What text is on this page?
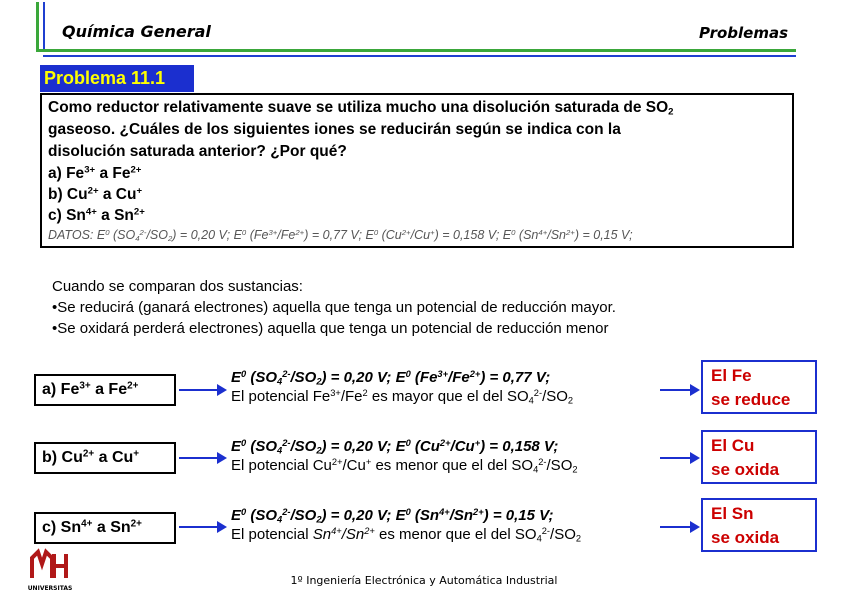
Química General	Problemas
Problema 11.1
Como reductor relativamente suave se utiliza mucho una disolución saturada de $SO_2$
gaseoso. ¿Cuáles de los siguientes iones se reducirán según se indica con la
disolución saturada anterior? ¿Por qué?
a) $Fe^{3+}$ a $Fe^{2+}$
b) $Cu^{2+}$ a Cu+
c) $Sn^{4+}$ a $Sn^{2+}$
DATOS: $E^0$ $(SO_4^{2-}/SO_2) = 0,20$ V; $E^0$ $(Fe^{3+}/Fe^{2+}) = 0,77$ V; $E^0$ $(Cu^{2+}/Cu^+) = 0,158$ V; $E^0$ $(Sn^{4+}/Sn^{2+}) = 0,15$ V;
Cuando se comparan dos sustancias:
•Se reducirá (ganará electrones) aquella que tenga un potencial de reducción mayor.
•Se oxidará perderá electrones) aquella que tenga un potencial de reducción menor
a) $Fe^{3+}$ a $Fe^{2+}$
$E^0$ $(SO_4^{2-}/SO_2) = 0,20$ V; $E^0$ $(Fe^{3+}/Fe^{2+}) = 0,77$ V;
El potencial $Fe^{3+}/Fe^2$ es mayor que el del $SO_4^{2-}/SO_2$
El Fe
se reduce
b) $Cu^{2+}$ a Cu+	$E^0$ $(SO_4^{2-}/SO_2) = 0,20$ V; $E^0$ $(Cu^{2+}/Cu^+) = 0,158$ V;
El potencial $Cu^{2+}/Cu^+$ es menor que el del $SO_4^{2-}/SO_2$
El Cu
se oxida
c) $Sn^{4+}$ a $Sn^{2+}$
$E^0$ $(SO_4^{2-}/SO_2) = 0,20$ V; $E^0$ $(Sn^{4+}/Sn^{2+}) = 0,15$ V;
El potencial $Sn^{4+}/Sn^{2+}$ es menor que el del $SO_4^{2-}/SO_2$
El Sn
se oxida
UNIVERSITAS
1º Ingeniería Electrónica y Automática Industrial
